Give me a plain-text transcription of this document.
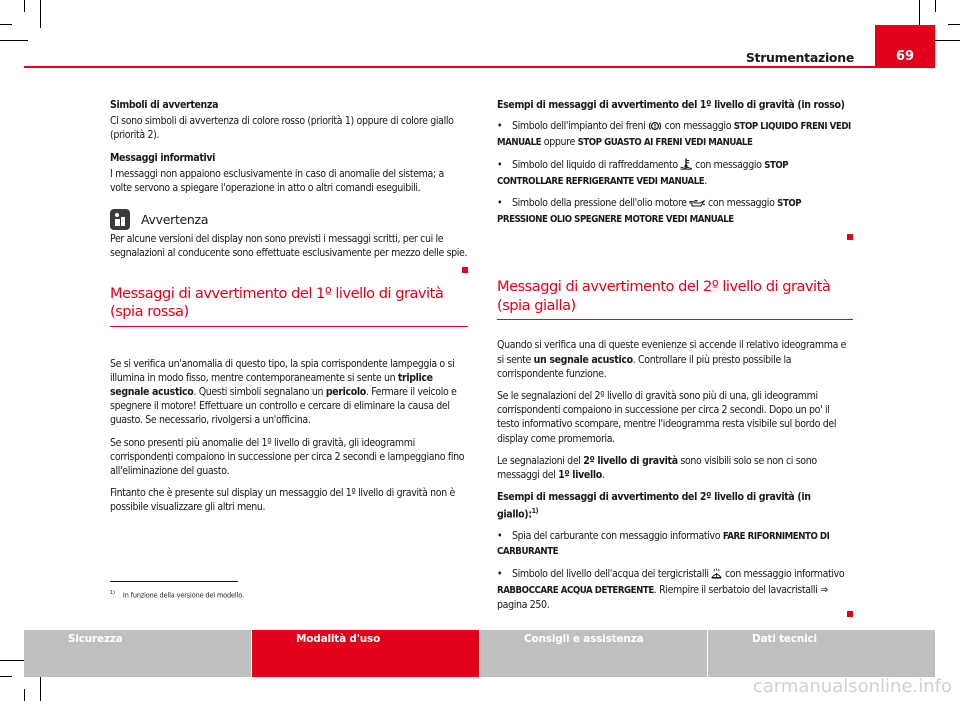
Strumentazione	69

Simboli di avvertenza

Ci sono simboli di avvertenza di colore rosso (priorità 1) oppure di colore giallo (priorità 2).

Messaggi informativi

I messaggi non appaiono esclusivamente in caso di anomalie del sistema; a volte servono a spiegare l'operazione in atto o altri comandi eseguibili.

Avvertenza

Per alcune versioni del display non sono previsti i messaggi scritti, per cui le segnalazioni al conducente sono effettuate esclusivamente per mezzo delle spie.

Messaggi di avvertimento del 1º livello di gravità (spia rossa)

Se si verifica un'anomalia di questo tipo, la spia corrispondente lampeggia o si illumina in modo fisso, mentre contemporaneamente si sente un triplice segnale acustico. Questi simboli segnalano un pericolo. Fermare il veicolo e spegnere il motore! Effettuare un controllo e cercare di eliminare la causa del guasto. Se necessario, rivolgersi a un'officina.

Se sono presenti più anomalie del 1º livello di gravità, gli ideogrammi corrispondenti compaiono in successione per circa 2 secondi e lampeggiano fino all'eliminazione del guasto.

Fintanto che è presente sul display un messaggio del 1º livello di gravità non è possibile visualizzare gli altri menu.

Esempi di messaggi di avvertimento del 1º livello di gravità (in rosso)

• Simbolo dell'impianto dei freni  con messaggio STOP LIQUIDO FRENI VEDI MANUALE oppure STOP GUASTO AI FRENI VEDI MANUALE

• Simbolo del liquido di raffreddamento  con messaggio STOP CONTROLLARE REFRIGERANTE VEDI MANUALE.

• Simbolo della pressione dell'olio motore  con messaggio STOP PRESSIONE OLIO SPEGNERE MOTORE VEDI MANUALE

Messaggi di avvertimento del 2º livello di gravità (spia gialla)

Quando si verifica una di queste evenienze si accende il relativo ideogramma e si sente un segnale acustico. Controllare il più presto possibile la corrispondente funzione.

Se le segnalazioni del 2º livello di gravità sono più di una, gli ideogrammi corrispondenti compaiono in successione per circa 2 secondi. Dopo un po' il testo informativo scompare, mentre l'ideogramma resta visibile sul bordo del display come promemoria.

Le segnalazioni del 2º livello di gravità sono visibili solo se non ci sono messaggi del 1º livello.

Esempi di messaggi di avvertimento del 2º livello di gravità (in giallo):$^{1)}$

• Spia del carburante con messaggio informativo FARE RIFORNIMENTO DI CARBURANTE

• Simbolo del livello dell'acqua dei tergicristalli  con messaggio informativo RABBOCCARE ACQUA DETERGENTE. Riempire il serbatoio del lavacristalli ⇒ pagina 250.

$^{1)}$ In funzione della versione del modello.
Sicurezza	Modalità d'uso	Consigli e assistenza	Dati tecnici
carmanualsonline.info
